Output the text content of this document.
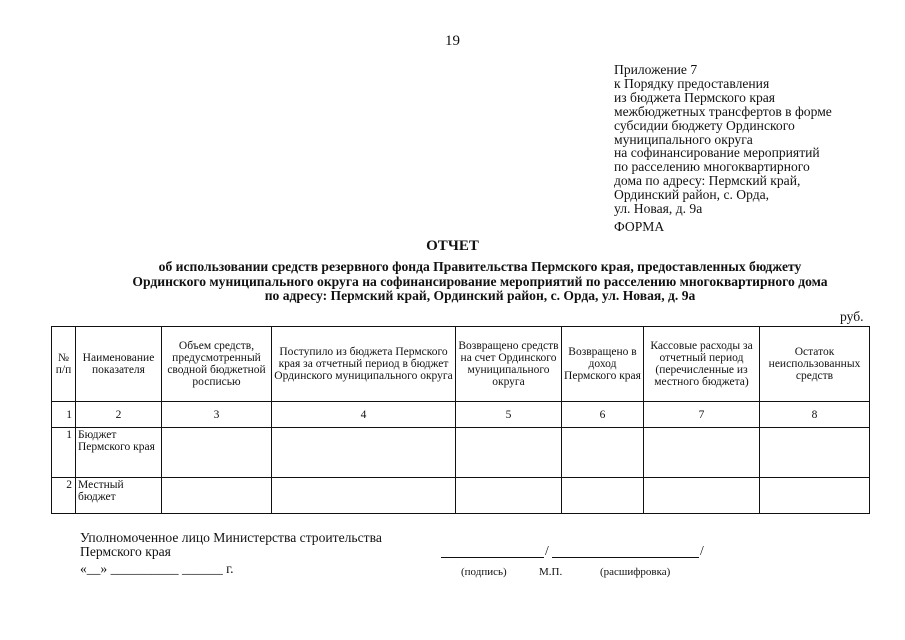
19
Приложение 7
к Порядку предоставления
из бюджета Пермского края
межбюджетных трансфертов в форме
субсидии бюджету Ординского
муниципального округа
на софинансирование мероприятий
по расселению многоквартирного
дома по адресу: Пермский край,
Ординский район, с. Орда,
ул. Новая, д. 9а
ФОРМА
ОТЧЕТ
об использовании средств резервного фонда Правительства Пермского края, предоставленных бюджету
Ординского муниципального округа на софинансирование мероприятий по расселению многоквартирного дома
по адресу: Пермский край, Ординский район, с. Орда, ул. Новая, д. 9а
руб.
№ п/п	Наименование показателя	Объем средств, предусмотренный сводной бюджетной росписью	Поступило из бюджета Пермского края за отчетный период в бюджет Ординского муниципального округа	Возвращено средств на счет Ординского муниципального округа	Возвращено в доход Пермского края	Кассовые расходы за отчетный период (перечисленные из местного бюджета)	Остаток неиспользованных средств
1	2	3	4	5	6	7	8
1	Бюджет Пермского края						
2	Местный бюджет						
Уполномоченное лицо Министерства строительства
Пермского края
«__» __________ ______ г.
/	/
(подпись)	М.П.	(расшифровка)
